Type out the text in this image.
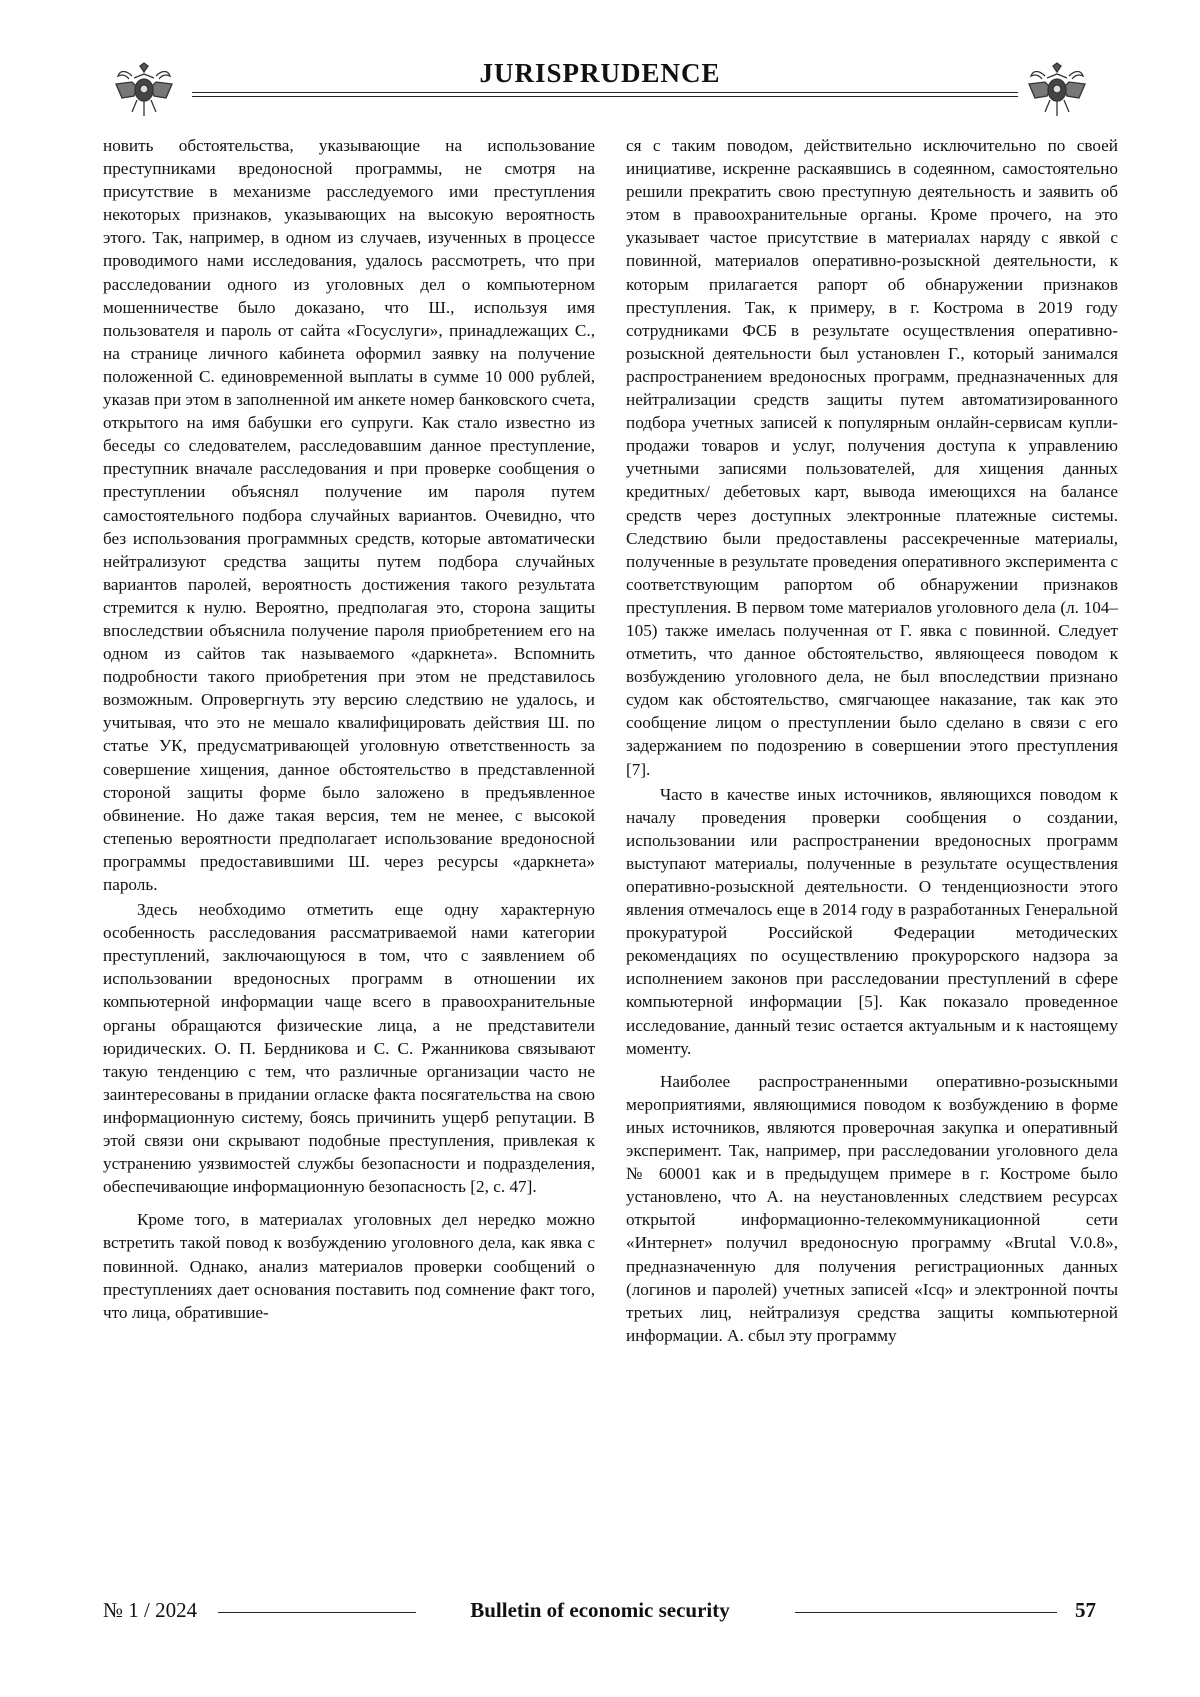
JURISPRUDENCE

новить обстоятельства, указывающие на использование преступниками вредоносной программы, не смотря на присутствие в механизме расследуемого ими преступления некоторых признаков, указывающих на высокую вероятность этого. Так, например, в одном из случаев, изученных в процессе проводимого нами исследования, удалось рассмотреть, что при расследовании одного из уголовных дел о компьютерном мошенничестве было доказано, что Ш., используя имя пользователя и пароль от сайта «Госуслуги», принадлежащих С., на странице личного кабинета оформил заявку на получение положенной С. единовременной выплаты в сумме 10 000 рублей, указав при этом в заполненной им анкете номер банковского счета, открытого на имя бабушки его супруги. Как стало известно из беседы со следователем, расследовавшим данное преступление, преступник вначале расследования и при проверке сообщения о преступлении объяснял получение им пароля путем самостоятельного подбора случайных вариантов. Очевидно, что без использования программных средств, которые автоматически нейтрализуют средства защиты путем подбора случайных вариантов паролей, вероятность достижения такого результата стремится к нулю. Вероятно, предполагая это, сторона защиты впоследствии объяснила получение пароля приобретением его на одном из сайтов так называемого «даркнета». Вспомнить подробности такого приобретения при этом не представилось возможным. Опровергнуть эту версию следствию не удалось, и учитывая, что это не мешало квалифицировать действия Ш. по статье УК, предусматривающей уголовную ответственность за совершение хищения, данное обстоятельство в представленной стороной защиты форме было заложено в предъявленное обвинение. Но даже такая версия, тем не менее, с высокой степенью вероятности предполагает использование вредоносной программы предоставившими Ш. через ресурсы «даркнета» пароль.

Здесь необходимо отметить еще одну характерную особенность расследования рассматриваемой нами категории преступлений, заключающуюся в том, что с заявлением об использовании вредоносных программ в отношении их компьютерной информации чаще всего в правоохранительные органы обращаются физические лица, а не представители юридических. О. П. Бердникова и С. С. Ржанникова связывают такую тенденцию с тем, что различные организации часто не заинтересованы в придании огласке факта посягательства на свою информационную систему, боясь причинить ущерб репутации. В этой связи они скрывают подобные преступления, привлекая к устранению уязвимостей службы безопасности и подразделения, обеспечивающие информационную безопасность [2, с. 47].

Кроме того, в материалах уголовных дел нередко можно встретить такой повод к возбуждению уголовного дела, как явка с повинной. Однако, анализ материалов проверки сообщений о преступлениях дает основания поставить под сомнение факт того, что лица, обратившие-

ся с таким поводом, действительно исключительно по своей инициативе, искренне раскаявшись в содеянном, самостоятельно решили прекратить свою преступную деятельность и заявить об этом в правоохранительные органы. Кроме прочего, на это указывает частое присутствие в материалах наряду с явкой с повинной, материалов оперативно-розыскной деятельности, к которым прилагается рапорт об обнаружении признаков преступления. Так, к примеру, в г. Кострома в 2019 году сотрудниками ФСБ в результате осуществления оперативно-розыскной деятельности был установлен Г., который занимался распространением вредоносных программ, предназначенных для нейтрализации средств защиты путем автоматизированного подбора учетных записей к популярным онлайн-сервисам купли-продажи товаров и услуг, получения доступа к управлению учетными записями пользователей, для хищения данных кредитных/ дебетовых карт, вывода имеющихся на балансе средств через доступных электронные платежные системы. Следствию были предоставлены рассекреченные материалы, полученные в результате проведения оперативного эксперимента с соответствующим рапортом об обнаружении признаков преступления. В первом томе материалов уголовного дела (л. 104–105) также имелась полученная от Г. явка с повинной. Следует отметить, что данное обстоятельство, являющееся поводом к возбуждению уголовного дела, не был впоследствии признано судом как обстоятельство, смягчающее наказание, так как это сообщение лицом о преступлении было сделано в связи с его задержанием по подозрению в совершении этого преступления [7].

Часто в качестве иных источников, являющихся поводом к началу проведения проверки сообщения о создании, использовании или распространении вредоносных программ выступают материалы, полученные в результате осуществления оперативно-розыскной деятельности. О тенденциозности этого явления отмечалось еще в 2014 году в разработанных Генеральной прокуратурой Российской Федерации методических рекомендациях по осуществлению прокурорского надзора за исполнением законов при расследовании преступлений в сфере компьютерной информации [5]. Как показало проведенное исследование, данный тезис остается актуальным и к настоящему моменту.

Наиболее распространенными оперативно-розыскными мероприятиями, являющимися поводом к возбуждению в форме иных источников, являются проверочная закупка и оперативный эксперимент. Так, например, при расследовании уголовного дела № 60001 как и в предыдущем примере в г. Костроме было установлено, что А. на неустановленных следствием ресурсах открытой информационно-телекоммуникационной сети «Интернет» получил вредоносную программу «Brutal V.0.8», предназначенную для получения регистрационных данных (логинов и паролей) учетных записей «Icq» и электронной почты третьих лиц, нейтрализуя средства защиты компьютерной информации. А. сбыл эту программу

№ 1 / 2024	Bulletin of economic security	57
